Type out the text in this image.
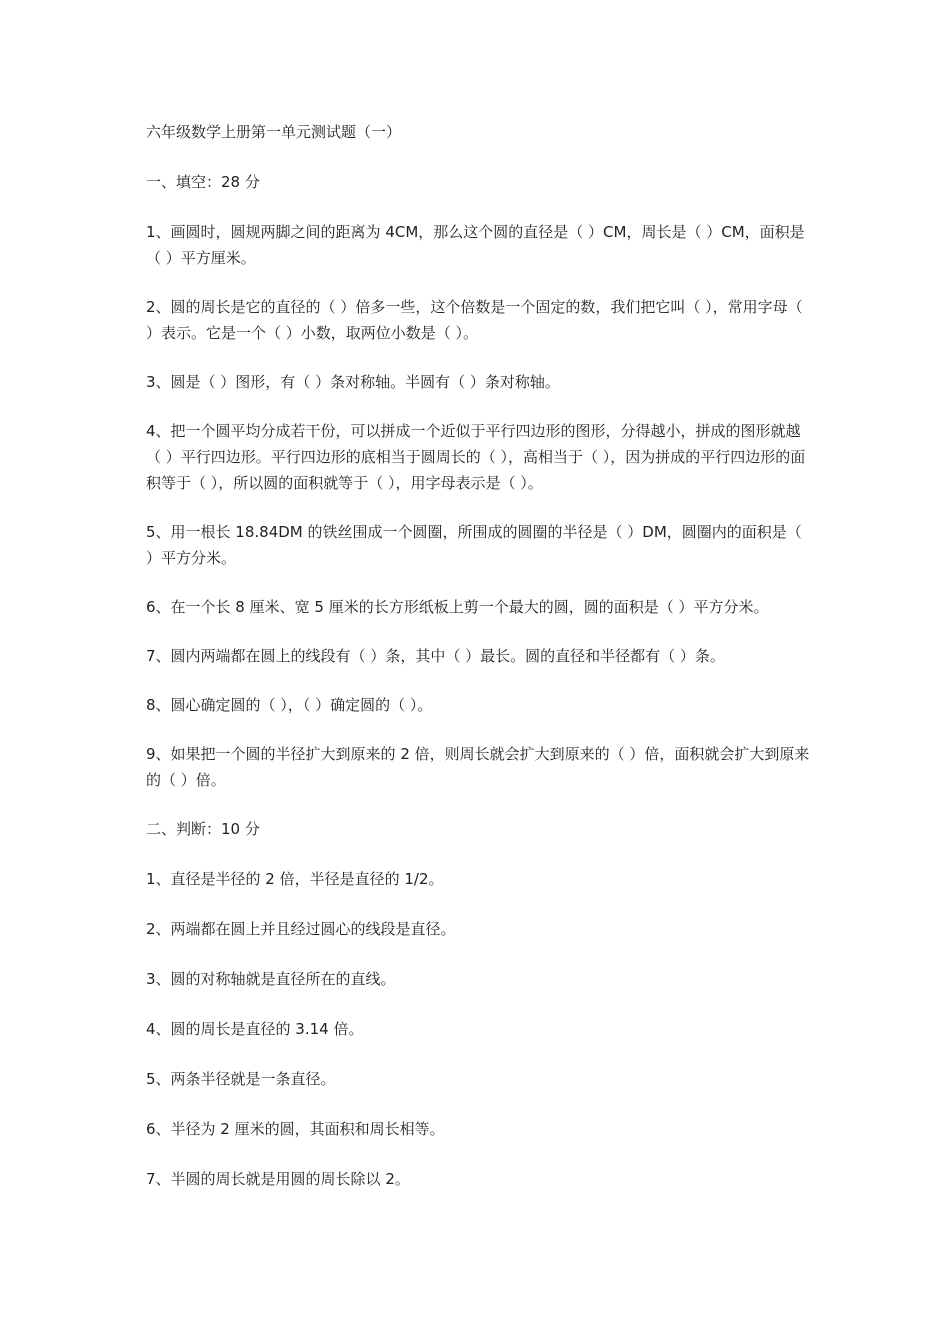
六年级数学上册第一单元测试题（一）

一、填空：28 分

1、画圆时，圆规两脚之间的距离为 4CM，那么这个圆的直径是（ ）CM，周长是（ ）CM，面积是（ ）平方厘米。

2、圆的周长是它的直径的（ ）倍多一些，这个倍数是一个固定的数，我们把它叫（ ），常用字母（ ）表示。它是一个（ ）小数，取两位小数是（ ）。

3、圆是（ ）图形，有（ ）条对称轴。半圆有（ ）条对称轴。

4、把一个圆平均分成若干份，可以拼成一个近似于平行四边形的图形，分得越小，拼成的图形就越（ ）平行四边形。平行四边形的底相当于圆周长的（ ），高相当于（ ），因为拼成的平行四边形的面积等于（ ），所以圆的面积就等于（ ），用字母表示是（ ）。

5、用一根长 18.84DM 的铁丝围成一个圆圈，所围成的圆圈的半径是（ ）DM，圆圈内的面积是（ ）平方分米。

6、在一个长 8 厘米、宽 5 厘米的长方形纸板上剪一个最大的圆，圆的面积是（ ）平方分米。

7、圆内两端都在圆上的线段有（ ）条，其中（ ）最长。圆的直径和半径都有（ ）条。

8、圆心确定圆的（ ），（ ）确定圆的（ ）。

9、如果把一个圆的半径扩大到原来的 2 倍，则周长就会扩大到原来的（ ）倍，面积就会扩大到原来的（ ）倍。

二、判断：10 分

1、直径是半径的 2 倍，半径是直径的 1/2。

2、两端都在圆上并且经过圆心的线段是直径。

3、圆的对称轴就是直径所在的直线。

4、圆的周长是直径的 3.14 倍。

5、两条半径就是一条直径。

6、半径为 2 厘米的圆，其面积和周长相等。

7、半圆的周长就是用圆的周长除以 2。
